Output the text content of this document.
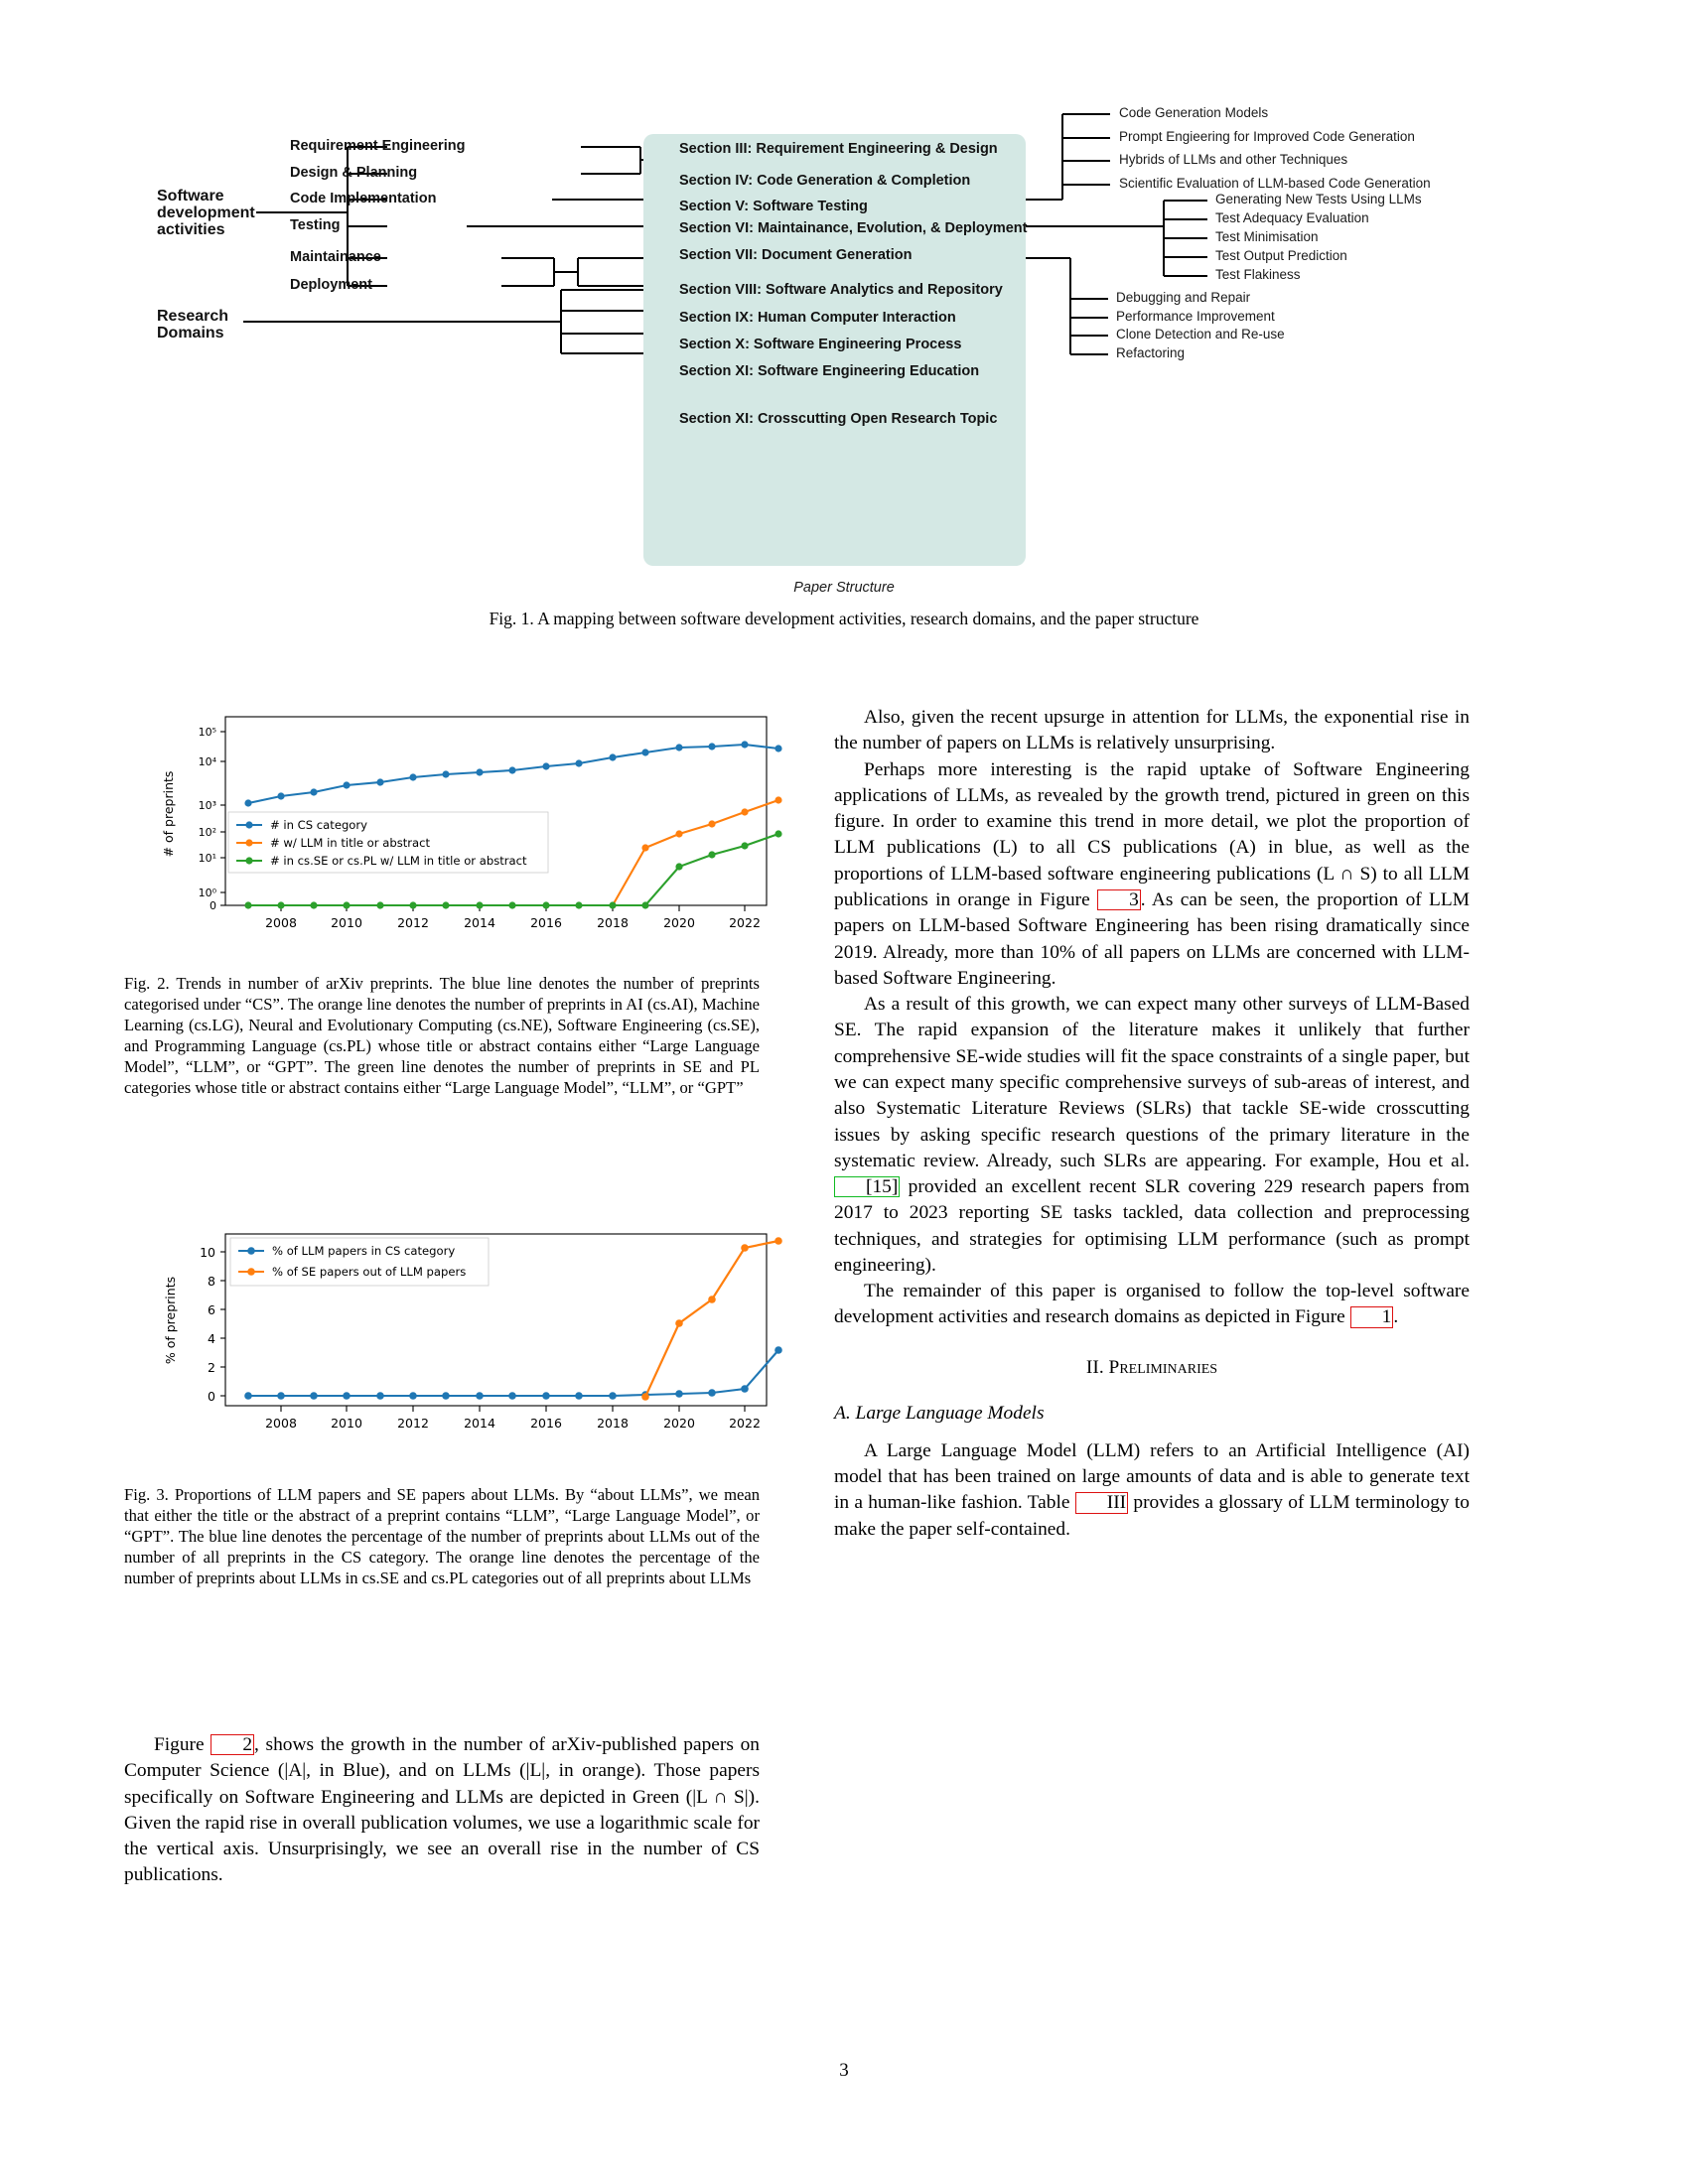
Software
development
activities
Research
Domains
Requirement Engineering
Design & Planning
Code Implementation
Testing
Maintainance
Deployment
Section III: Requirement Engineering & Design
Section IV: Code Generation & Completion
Section V: Software Testing
Section VI: Maintainance, Evolution, & Deployment
Section VII: Document Generation
Section VIII: Software Analytics and Repository
Section IX: Human Computer Interaction
Section X: Software Engineering Process
Section XI: Software Engineering Education
Section XI: Crosscutting Open Research Topic
Code Generation Models
Prompt Engieering for Improved Code Generation
Hybrids of LLMs and other Techniques
Scientific Evaluation of LLM-based Code Generation
Generating New Tests Using LLMs
Test Adequacy Evaluation
Test Minimisation
Test Output Prediction
Test Flakiness
Debugging and Repair
Performance Improvement
Clone Detection and Re-use
Refactoring
Paper Structure
Fig. 1. A mapping between software development activities, research domains, and the paper structure
0
10⁰
10¹
10²
10³
10⁴
10⁵
2008	2010	2012	2014	2016	2018	2020	2022
# of preprints	# in CS category
# w/ LLM in title or abstract
# in cs.SE or cs.PL w/ LLM in title or abstract

Fig. 2. Trends in number of arXiv preprints. The blue line denotes the number of preprints categorised under “CS”. The orange line denotes the number of preprints in AI (cs.AI), Machine Learning (cs.LG), Neural and Evolutionary Computing (cs.NE), Software Engineering (cs.SE), and Programming Language (cs.PL) whose title or abstract contains either “Large Language Model”, “LLM”, or “GPT”. The green line denotes the number of preprints in SE and PL categories whose title or abstract contains either “Large Language Model”, “LLM”, or “GPT”

0
2
4
6
8
10
2008	2010	2012	2014	2016	2018	2020	2022
% of preprints
% of LLM papers in CS category
% of SE papers out of LLM papers

Fig. 3. Proportions of LLM papers and SE papers about LLMs. By “about LLMs”, we mean that either the title or the abstract of a preprint contains “LLM”, “Large Language Model”, or “GPT”. The blue line denotes the percentage of the number of preprints about LLMs out of the number of all preprints in the CS category. The orange line denotes the percentage of the number of preprints about LLMs in cs.SE and cs.PL categories out of all preprints about LLMs

Figure 2 , shows the growth in the number of arXiv-published papers on Computer Science (|A|, in Blue), and on LLMs (|L|, in orange). Those papers specifically on Software Engineering and LLMs are depicted in Green (|L ∩ S|). Given the rapid rise in overall publication volumes, we use a logarithmic scale for the vertical axis. Unsurprisingly, we see an overall rise in the number of CS publications.

Also, given the recent upsurge in attention for LLMs, the exponential rise in the number of papers on LLMs is relatively unsurprising.

Perhaps more interesting is the rapid uptake of Software Engineering applications of LLMs, as revealed by the growth trend, pictured in green on this figure. In order to examine this trend in more detail, we plot the proportion of LLM publications (L) to all CS publications (A) in blue, as well as the proportions of LLM-based software engineering publications (L ∩ S) to all LLM publications in orange in Figure 3 . As can be seen, the proportion of LLM papers on LLM-based Software Engineering has been rising dramatically since 2019. Already, more than 10% of all papers on LLMs are concerned with LLM-based Software Engineering.

As a result of this growth, we can expect many other surveys of LLM-Based SE. The rapid expansion of the literature makes it unlikely that further comprehensive SE-wide studies will fit the space constraints of a single paper, but we can expect many specific comprehensive surveys of sub-areas of interest, and also Systematic Literature Reviews (SLRs) that tackle SE-wide crosscutting issues by asking specific research questions of the primary literature in the systematic review. Already, such SLRs are appearing. For example, Hou et al. [15] provided an excellent recent SLR covering 229 research papers from 2017 to 2023 reporting SE tasks tackled, data collection and preprocessing techniques, and strategies for optimising LLM performance (such as prompt engineering).

The remainder of this paper is organised to follow the top-level software development activities and research domains as depicted in Figure 1 .

II. Preliminaries

A. Large Language Models

A Large Language Model (LLM) refers to an Artificial Intelligence (AI) model that has been trained on large amounts of data and is able to generate text in a human-like fashion. Table III provides a glossary of LLM terminology to make the paper self-contained.

3
